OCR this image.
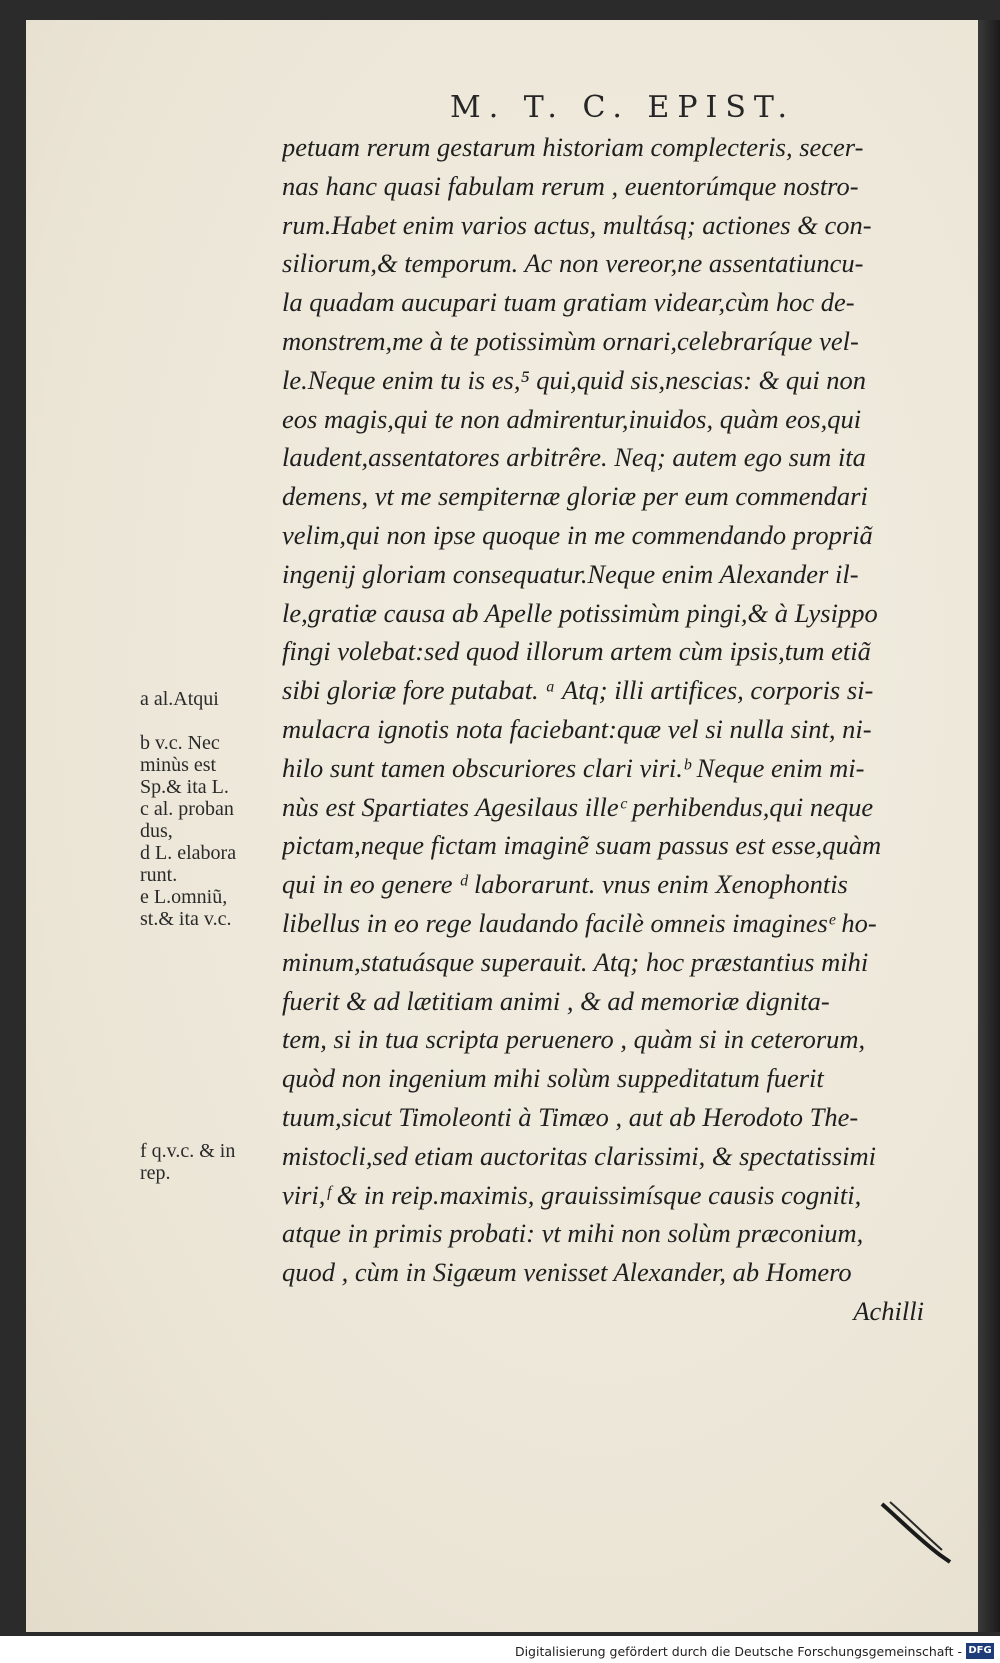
M. T. C. EPIST.
petuam rerum gestarum historiam complecteris, secer-
nas hanc quasi fabulam rerum , euentorúmque nostro-
rum.Habet enim varios actus, multásq; actiones & con-
siliorum,& temporum. Ac non vereor,ne assentatiuncu-
la quadam aucupari tuam gratiam videar,cùm hoc de-
monstrem,me à te potissimùm ornari,celebraríque vel-
le.Neque enim tu is es,⁵ qui,quid sis,nescias: & qui non
eos magis,qui te non admirentur,inuidos, quàm eos,qui
laudent,assentatores arbitrêre. Neq; autem ego sum ita
demens, vt me sempiternæ gloriæ per eum commendari
velim,qui non ipse quoque in me commendando propriã
ingenij gloriam consequatur.Neque enim Alexander il-
le,gratiæ causa ab Apelle potissimùm pingi,& à Lysippo
fingi volebat:sed quod illorum artem cùm ipsis,tum etiã
sibi gloriæ fore putabat. ᵃ Atq; illi artifices, corporis si-
mulacra ignotis nota faciebant:quæ vel si nulla sint, ni-
hilo sunt tamen obscuriores clari viri.ᵇ Neque enim mi-
nùs est Spartiates Agesilaus illeᶜ perhibendus,qui neque
pictam,neque fictam imaginẽ suam passus est esse,quàm
qui in eo genere ᵈ laborarunt. vnus enim Xenophontis
libellus in eo rege laudando facilè omneis imaginesᵉ ho-
minum,statuásque superauit. Atq; hoc præstantius mihi
fuerit & ad lætitiam animi , & ad memoriæ dignita-
tem, si in tua scripta peruenero , quàm si in ceterorum,
quòd non ingenium mihi solùm suppeditatum fuerit
tuum,sicut Timoleonti à Timæo , aut ab Herodoto The-
mistocli,sed etiam auctoritas clarissimi, & spectatissimi
viri,ᶠ & in reip.maximis, grauissimísque causis cogniti,
atque in primis probati: vt mihi non solùm præconium,
quod , cùm in Sigæum venisset Alexander, ab Homero
Achilli
a al.Atqui
b v.c. Nec
minùs est
Sp.& ita L.
c al. proban
dus,
d L. elabora
runt.
e L.omniũ,
st.& ita v.c.
f q.v.c. & in
rep.
Digitalisierung gefördert durch die Deutsche Forschungsgemeinschaft - DFG
